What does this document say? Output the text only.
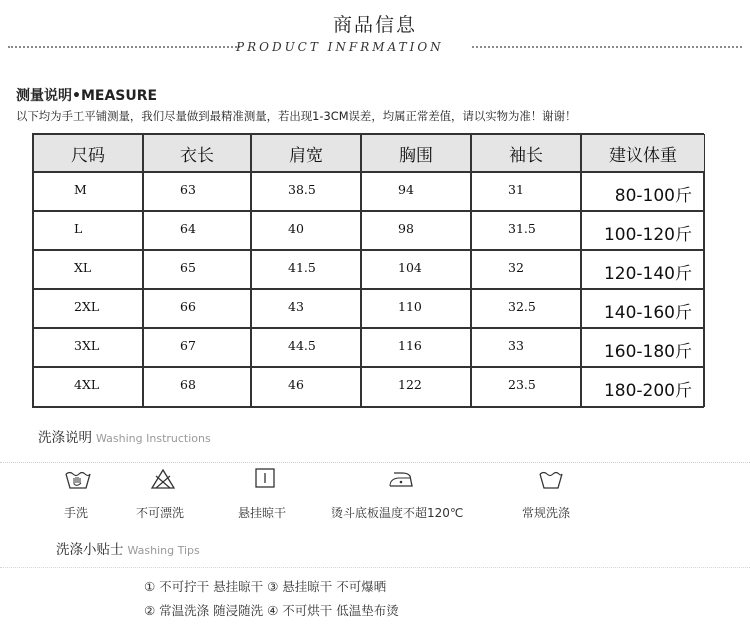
商品信息
PRODUCT INFRMATION
测量说明•MEASURE
以下均为手工平铺测量，我们尽量做到最精准测量，若出现1-3CM误差，均属正常差值，请以实物为准！谢谢！
尺码	衣长	肩宽	胸围	袖长	建议体重
M	63	38.5	94	31	80-100斤
L	64	40	98	31.5	100-120斤
XL	65	41.5	104	32	120-140斤
2XL	66	43	110	32.5	140-160斤
3XL	67	44.5	116	33	160-180斤
4XL	68	46	122	23.5	180-200斤
洗涤说明 Washing Instructions
手洗	不可漂洗	悬挂晾干	烫斗底板温度不超120℃	常规洗涤
洗涤小贴士 Washing Tips
① 不可拧干 悬挂晾干 ③ 悬挂晾干 不可爆晒
② 常温洗涤 随浸随洗 ④ 不可烘干 低温垫布烫
